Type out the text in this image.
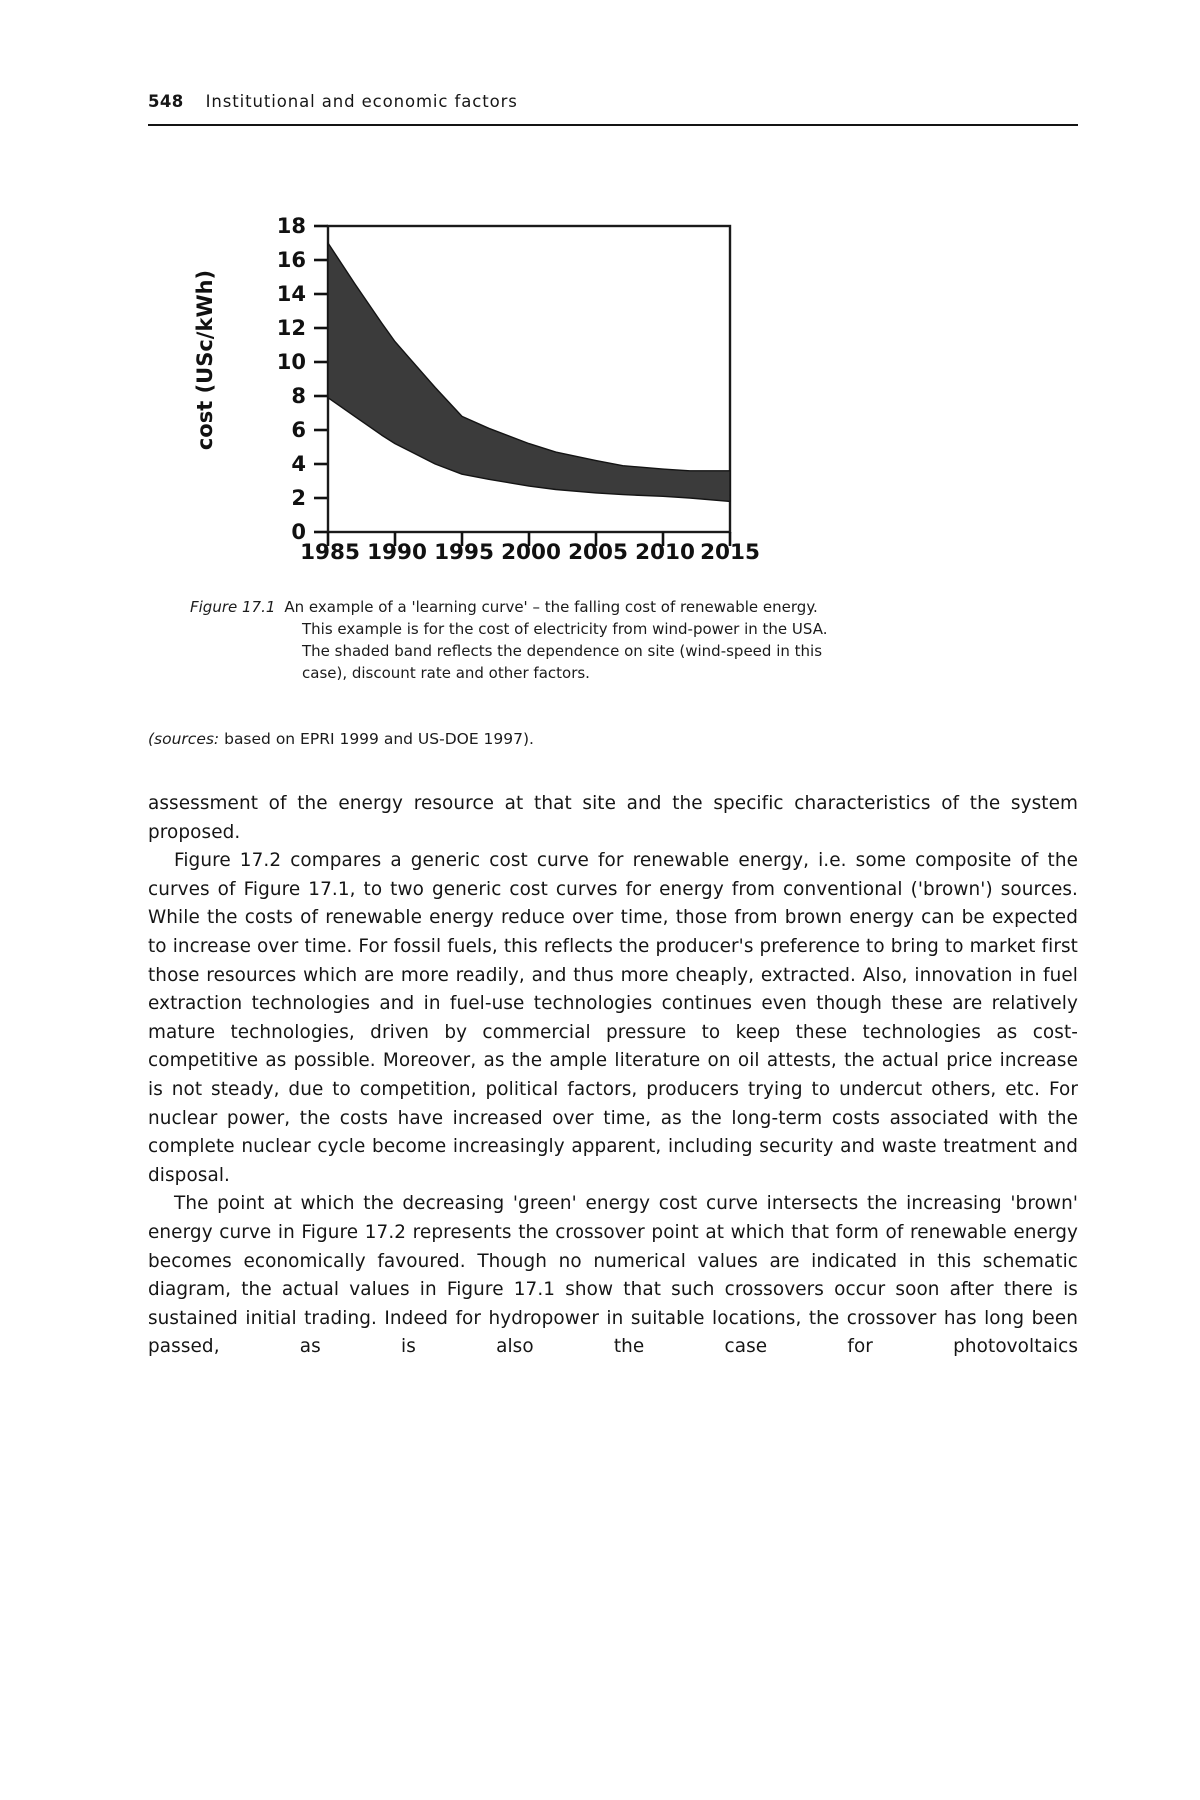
548 Institutional and economic factors
cost (USc/kWh)
18
16
14
12
10
8
6
4
2
0
1985 1990 1995 2000 2005 2010 2015
Figure 17.1 An example of a 'learning curve' – the falling cost of renewable energy.
This example is for the cost of electricity from wind-power in the USA.
The shaded band reflects the dependence on site (wind-speed in this
case), discount rate and other factors.
(sources: based on EPRI 1999 and US-DOE 1997).

assessment of the energy resource at that site and the specific characteristics of the system proposed.

Figure 17.2 compares a generic cost curve for renewable energy, i.e. some composite of the curves of Figure 17.1, to two generic cost curves for energy from conventional ('brown') sources. While the costs of renewable energy reduce over time, those from brown energy can be expected to increase over time. For fossil fuels, this reflects the producer's preference to bring to market first those resources which are more readily, and thus more cheaply, extracted. Also, innovation in fuel extraction technologies and in fuel-use technologies continues even though these are relatively mature technologies, driven by commercial pressure to keep these technologies as cost-competitive as possible. Moreover, as the ample literature on oil attests, the actual price increase is not steady, due to competition, political factors, producers trying to undercut others, etc. For nuclear power, the costs have increased over time, as the long-term costs associated with the complete nuclear cycle become increasingly apparent, including security and waste treatment and disposal.

The point at which the decreasing 'green' energy cost curve intersects the increasing 'brown' energy curve in Figure 17.2 represents the crossover point at which that form of renewable energy becomes economically favoured. Though no numerical values are indicated in this schematic diagram, the actual values in Figure 17.1 show that such crossovers occur soon after there is sustained initial trading. Indeed for hydropower in suitable locations, the crossover has long been passed, as is also the case for photovoltaics
